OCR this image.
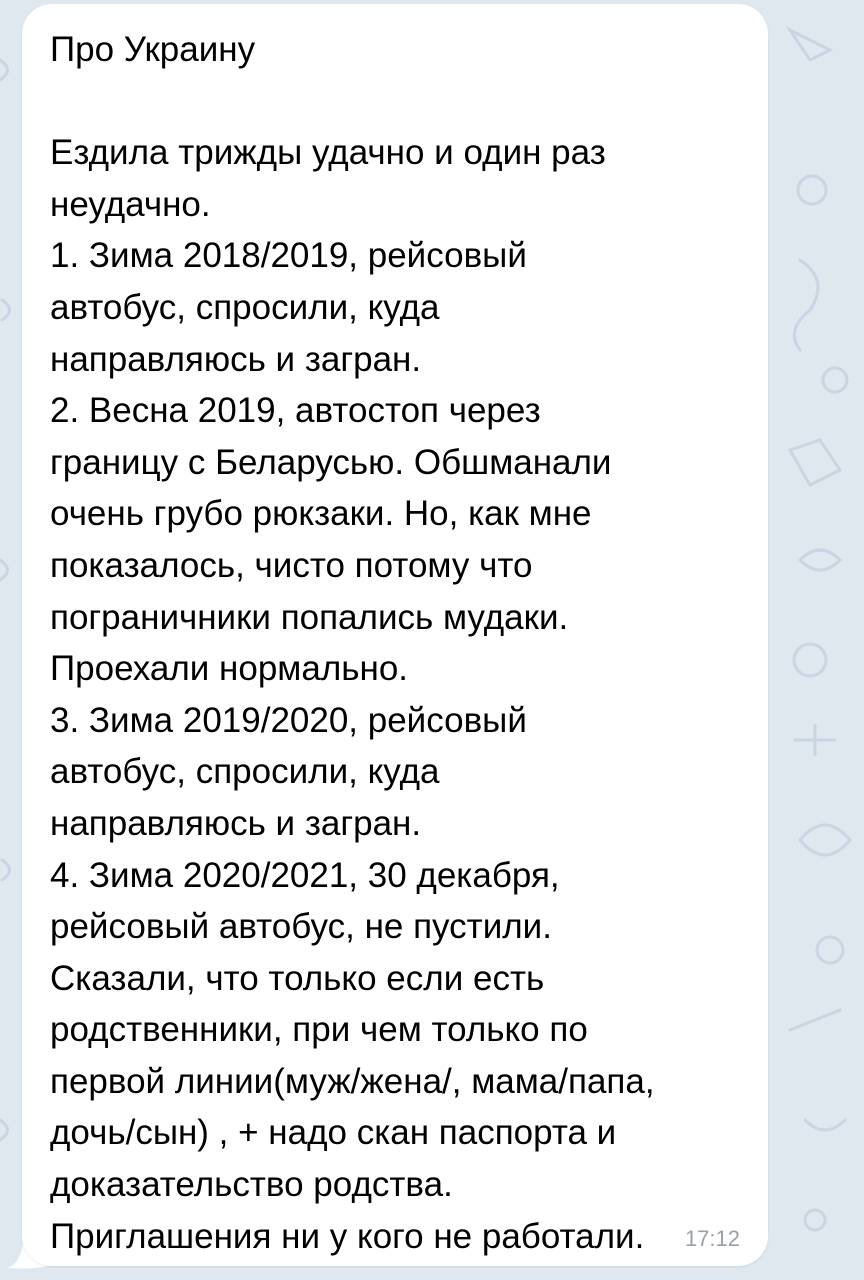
Про Украину

Ездила трижды удачно и один раз
неудачно.
1. Зима 2018/2019, рейсовый
автобус, спросили, куда
направляюсь и загран.
2. Весна 2019, автостоп через
границу с Беларусью. Обшманали
очень грубо рюкзаки. Но, как мне
показалось, чисто потому что
пограничники попались мудаки.
Проехали нормально.
3. Зима 2019/2020, рейсовый
автобус, спросили, куда
направляюсь и загран.
4. Зима 2020/2021, 30 декабря,
рейсовый автобус, не пустили.
Сказали, что только если есть
родственники, при чем только по
первой линии(муж/жена/, мама/папа,
дочь/сын) , + надо скан паспорта и
доказательство родства.
Приглашения ни у кого не работали.	17:12
